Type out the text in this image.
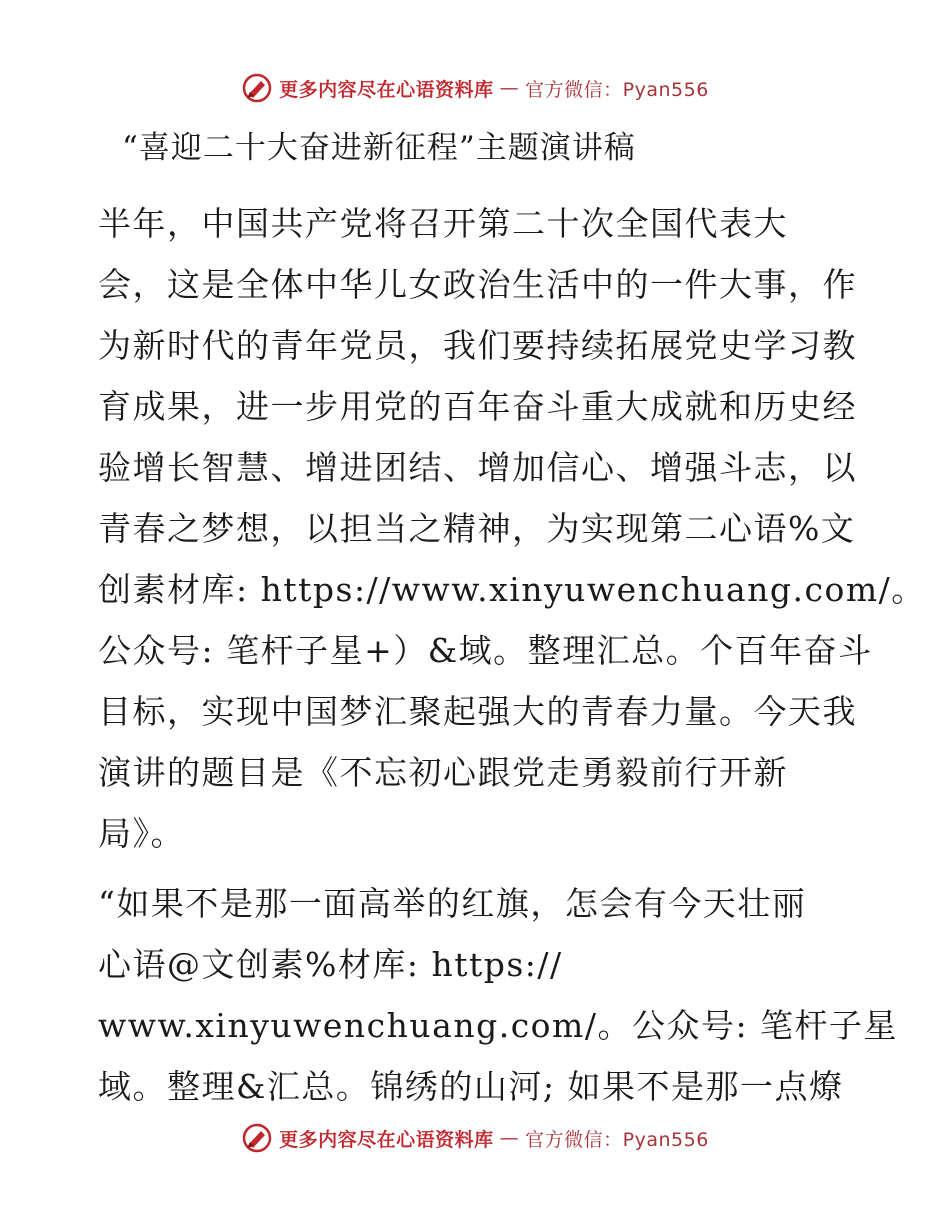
更多内容尽在心语资料库 — 官方微信：Pyan556
“喜迎二十大奋进新征程”主题演讲稿

半年，中国共产党将召开第二十次全国代表大

会，这是全体中华儿女政治生活中的一件大事，作

为新时代的青年党员，我们要持续拓展党史学习教

育成果，进一步用党的百年奋斗重大成就和历史经

验增长智慧、增进团结、增加信心、增强斗志，以

青春之梦想，以担当之精神，为实现第二心语%文

创素材库: https://www.xinyuwenchuang.com/。

公众号: 笔杆子星+）&域。整理汇总。个百年奋斗

目标，实现中国梦汇聚起强大的青春力量。今天我

演讲的题目是《不忘初心跟党走勇毅前行开新

局》。

“如果不是那一面高举的红旗，怎会有今天壮丽

心语@文创素%材库: https://

www.xinyuwenchuang.com/。公众号: 笔杆子星

域。整理&汇总。锦绣的山河; 如果不是那一点燎

更多内容尽在心语资料库 — 官方微信：Pyan556
